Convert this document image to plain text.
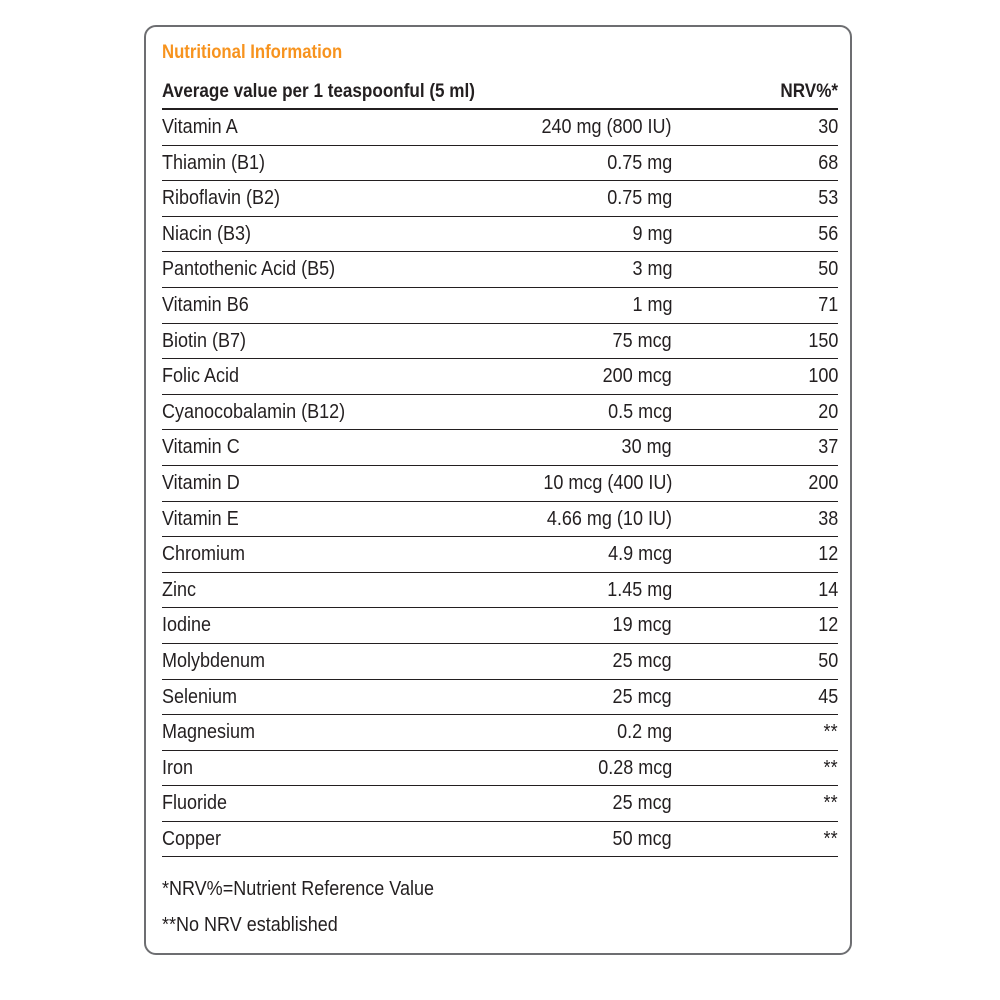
Nutritional Information
Average value per 1 teaspoonful (5 ml)	NRV%*
Vitamin A	240 mg (800 IU)	30
Thiamin (B1)	0.75 mg	68
Riboflavin (B2)	0.75 mg	53
Niacin (B3)	9 mg	56
Pantothenic Acid (B5)	3 mg	50
Vitamin B6	1 mg	71
Biotin (B7)	75 mcg	150
Folic Acid	200 mcg	100
Cyanocobalamin (B12)	0.5 mcg	20
Vitamin C	30 mg	37
Vitamin D	10 mcg (400 IU)	200
Vitamin E	4.66 mg (10 IU)	38
Chromium	4.9 mcg	12
Zinc	1.45 mg	14
Iodine	19 mcg	12
Molybdenum	25 mcg	50
Selenium	25 mcg	45
Magnesium	0.2 mg	**
Iron	0.28 mcg	**
Fluoride	25 mcg	**
Copper	50 mcg	**
*NRV%=Nutrient Reference Value
**No NRV established
